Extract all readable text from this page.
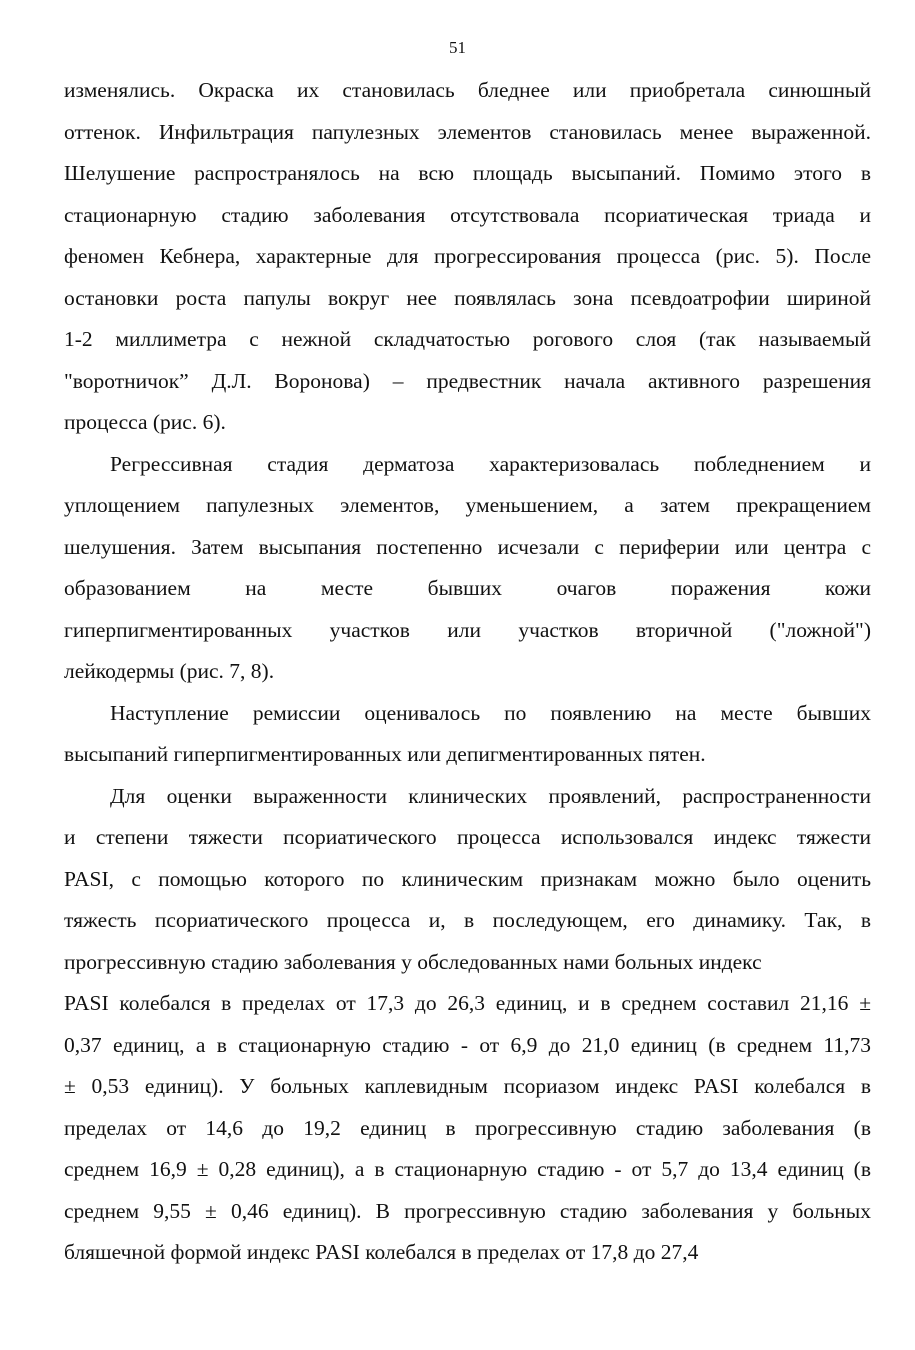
51
изменялись. Окраска их становилась бледнее или приобретала синюшный
оттенок. Инфильтрация папулезных элементов становилась менее выраженной.
Шелушение распространялось на всю площадь высыпаний. Помимо этого в
стационарную стадию заболевания отсутствовала псориатическая триада и
феномен Кебнера, характерные для прогрессирования процесса (рис. 5). После
остановки роста папулы вокруг нее появлялась зона псевдоатрофии шириной
1-2 миллиметра с нежной складчатостью рогового слоя (так называемый
"воротничок” Д.Л. Воронова) – предвестник начала активного разрешения
процесса (рис. 6).
Регрессивная стадия дерматоза характеризовалась побледнением и
уплощением папулезных элементов, уменьшением, а затем прекращением
шелушения. Затем высыпания постепенно исчезали с периферии или центра с
образованием на месте бывших очагов поражения кожи
гиперпигментированных участков или участков вторичной ("ложной")
лейкодермы (рис. 7, 8).
Наступление ремиссии оценивалось по появлению на месте бывших
высыпаний гиперпигментированных или депигментированных пятен.
Для оценки выраженности клинических проявлений, распространенности
и степени тяжести псориатического процесса использовался индекс тяжести
PASI, с помощью которого по клиническим признакам можно было оценить
тяжесть псориатического процесса и, в последующем, его динамику. Так, в
прогрессивную стадию заболевания у обследованных нами больных индекс
PASI колебался в пределах от 17,3 до 26,3 единиц, и в среднем составил 21,16 ±
0,37 единиц, а в стационарную стадию - от 6,9 до 21,0 единиц (в среднем 11,73
± 0,53 единиц). У больных каплевидным псориазом индекс PASI колебался в
пределах от 14,6 до 19,2 единиц в прогрессивную стадию заболевания (в
среднем 16,9 ± 0,28 единиц), а в стационарную стадию - от 5,7 до 13,4 единиц (в
среднем 9,55 ± 0,46 единиц). В прогрессивную стадию заболевания у больных
бляшечной формой индекс PASI колебался в пределах от 17,8 до 27,4
